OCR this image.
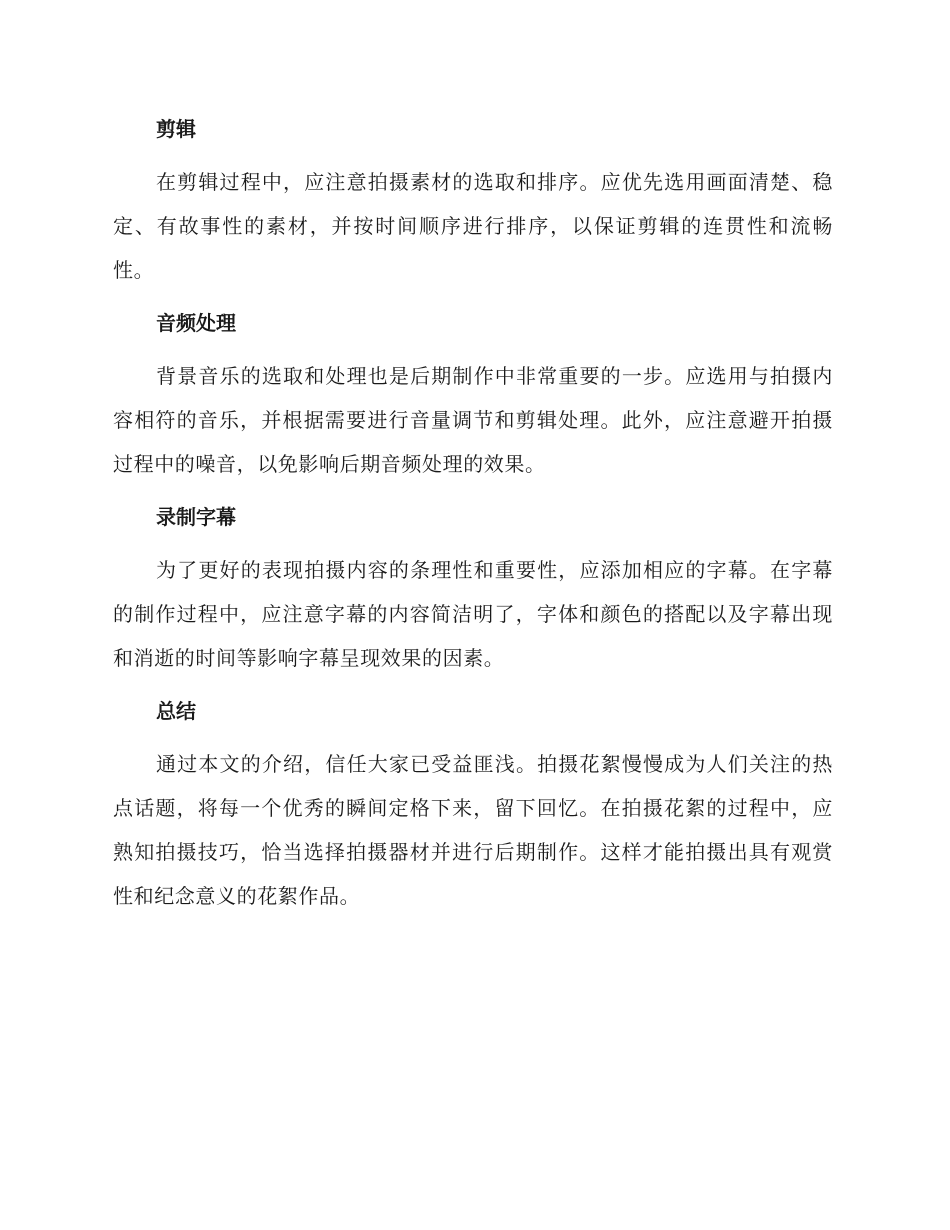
剪辑

在剪辑过程中，应注意拍摄素材的选取和排序。应优先选用画面清楚、稳定、有故事性的素材，并按时间顺序进行排序，以保证剪辑的连贯性和流畅性。

音频处理

背景音乐的选取和处理也是后期制作中非常重要的一步。应选用与拍摄内容相符的音乐，并根据需要进行音量调节和剪辑处理。此外，应注意避开拍摄过程中的噪音，以免影响后期音频处理的效果。

录制字幕

为了更好的表现拍摄内容的条理性和重要性，应添加相应的字幕。在字幕的制作过程中，应注意字幕的内容简洁明了，字体和颜色的搭配以及字幕出现和消逝的时间等影响字幕呈现效果的因素。

总结

通过本文的介绍，信任大家已受益匪浅。拍摄花絮慢慢成为人们关注的热点话题，将每一个优秀的瞬间定格下来，留下回忆。在拍摄花絮的过程中，应熟知拍摄技巧，恰当选择拍摄器材并进行后期制作。这样才能拍摄出具有观赏性和纪念意义的花絮作品。
